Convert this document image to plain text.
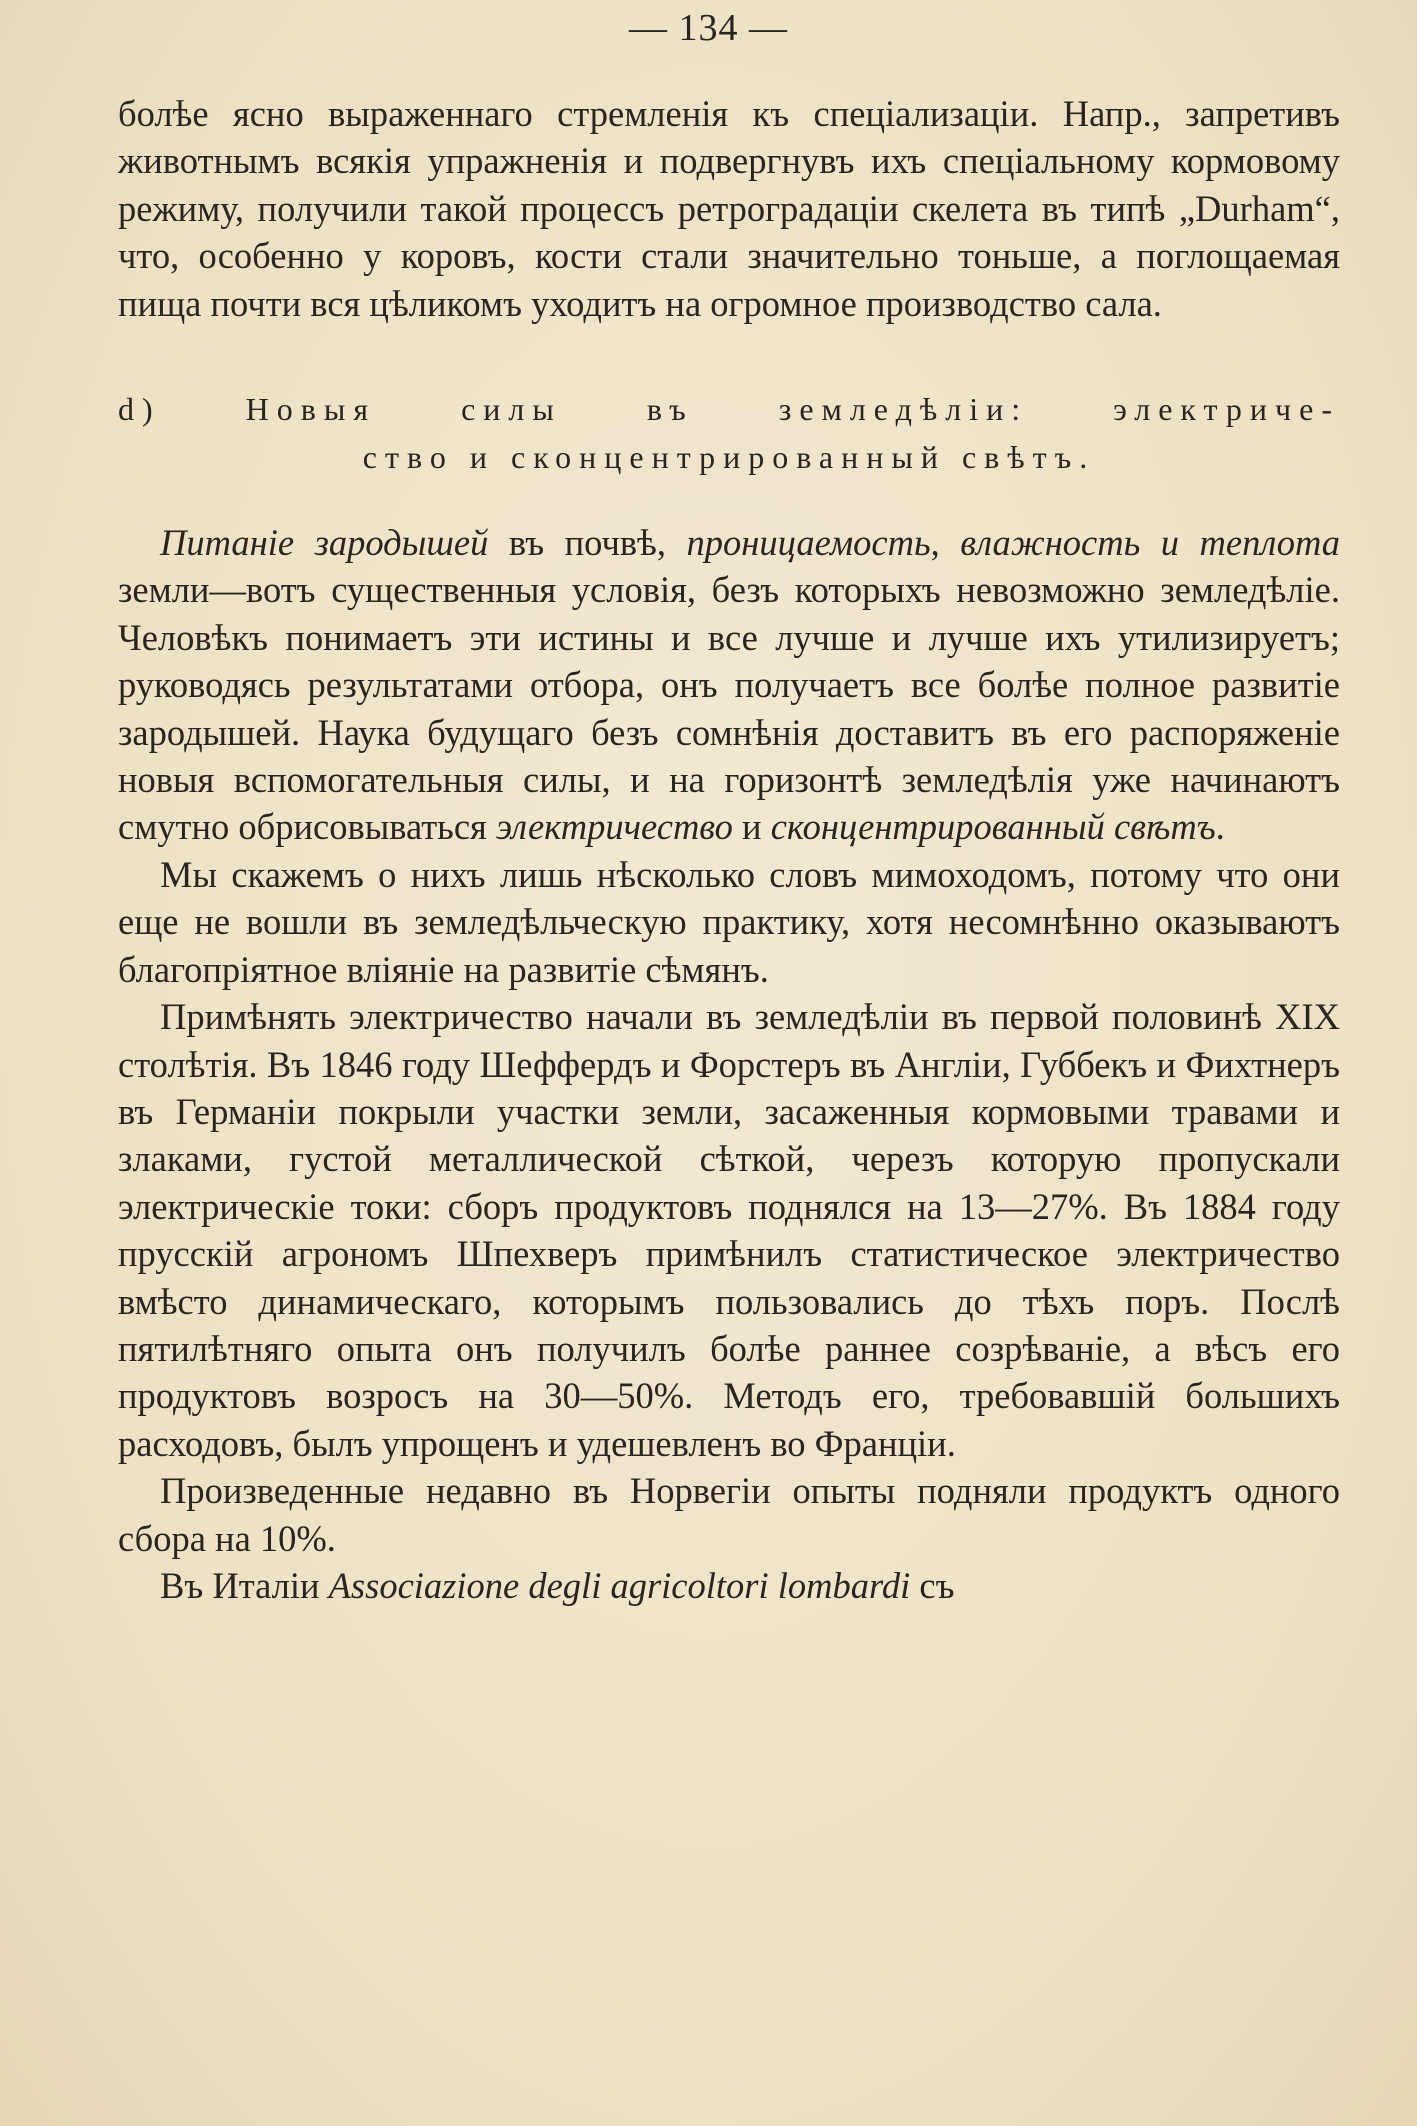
— 134 —

болѣе ясно выраженнаго стремленія къ спеціализаціи. Напр., запретивъ животнымъ всякія упражненія и подвергнувъ ихъ спеціальному кормовому режиму, получили такой процессъ ретроградаціи скелета въ типѣ „Durham“, что, особенно у коровъ, кости стали значительно тоньше, а поглощаемая пища почти вся цѣликомъ уходитъ на огромное производство сала.

d) Новыя силы въ земледѣліи: электриче-
ство и сконцентрированный свѣтъ.

Питаніе зародышей въ почвѣ, проницаемость, влажность и теплота земли—вотъ существенныя условія, безъ которыхъ невозможно земледѣліе. Человѣкъ понимаетъ эти истины и все лучше и лучше ихъ утилизируетъ; руководясь результатами отбора, онъ получаетъ все болѣе полное развитіе зародышей. Наука будущаго безъ сомнѣнія доставитъ въ его распоряженіе новыя вспомогательныя силы, и на горизонтѣ земледѣлія уже начинаютъ смутно обрисовываться электричество и сконцентрированный свѣтъ.

Мы скажемъ о нихъ лишь нѣсколько словъ мимоходомъ, потому что они еще не вошли въ земледѣльческую практику, хотя несомнѣнно оказываютъ благопріятное вліяніе на развитіе сѣмянъ.

Примѣнять электричество начали въ земледѣліи въ первой половинѣ XIX столѣтія. Въ 1846 году Шеффердъ и Форстеръ въ Англіи, Губбекъ и Фихтнеръ въ Германіи покрыли участки земли, засаженныя кормовыми травами и злаками, густой металлической сѣткой, черезъ которую пропускали электрическіе токи: сборъ продуктовъ поднялся на 13—27%. Въ 1884 году прусскій агрономъ Шпехверъ примѣнилъ статистическое электричество вмѣсто динамическаго, которымъ пользовались до тѣхъ поръ. Послѣ пятилѣтняго опыта онъ получилъ болѣе раннее созрѣваніе, а вѣсъ его продуктовъ возросъ на 30—50%. Методъ его, требовавшій большихъ расходовъ, былъ упрощенъ и удешевленъ во Франціи.

Произведенные недавно въ Норвегіи опыты подняли продуктъ одного сбора на 10%.

Въ Италіи Associazione degli agricoltori lombardi съ
